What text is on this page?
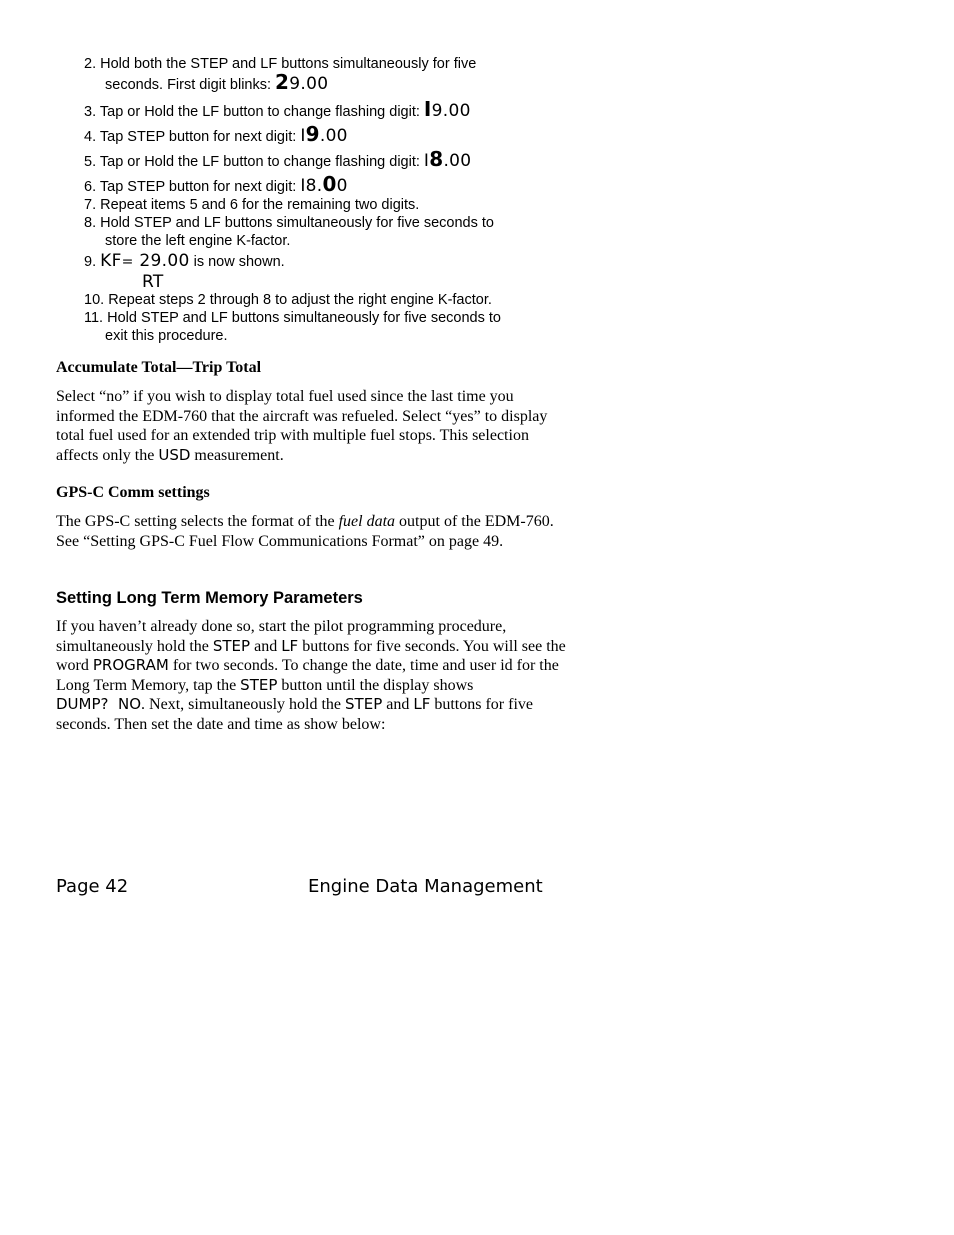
2. Hold both the STEP and LF buttons simultaneously for five
seconds. First digit blinks: 29.00
3. Tap or Hold the LF button to change flashing digit: I9.00
4. Tap STEP button for next digit: I9.00
5. Tap or Hold the LF button to change flashing digit: I8.00
6. Tap STEP button for next digit: I8.00
7. Repeat items 5 and 6 for the remaining two digits.
8. Hold STEP and LF buttons simultaneously for five seconds to
store the left engine K-factor.
9. KF= 29.00 is now shown.
RT
10. Repeat steps 2 through 8 to adjust the right engine K-factor.
11. Hold STEP and LF buttons simultaneously for five seconds to
exit this procedure.
Accumulate Total—Trip Total

Select “no” if you wish to display total fuel used since the last time you informed the EDM-760 that the aircraft was refueled. Select “yes” to display total fuel used for an extended trip with multiple fuel stops. This selection affects only the USD measurement.

GPS-C Comm settings

The GPS-C setting selects the format of the fuel data output of the EDM-760. See “Setting GPS-C Fuel Flow Communications Format” on page 49.

Setting Long Term Memory Parameters

If you haven’t already done so, start the pilot programming procedure, simultaneously hold the STEP and LF buttons for five seconds. You will see the word PROGRAM for two seconds. To change the date, time and user id for the Long Term Memory, tap the STEP button until the display shows DUMP?  NO. Next, simultaneously hold the STEP and LF buttons for five seconds. Then set the date and time as show below:

Page 42	Engine Data Management
